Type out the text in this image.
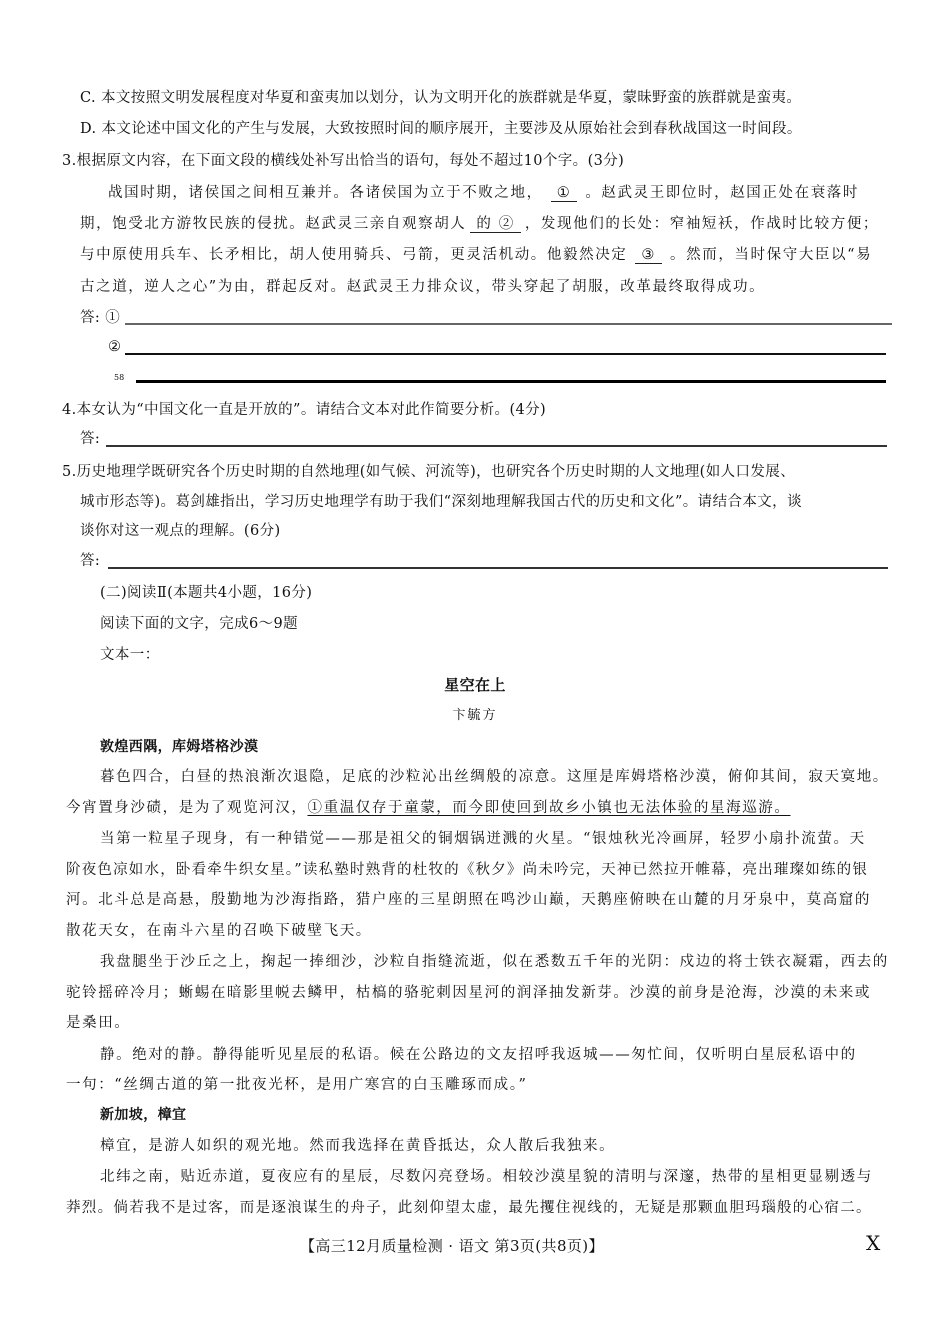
C. 本文按照文明发展程度对华夏和蛮夷加以划分，认为文明开化的族群就是华夏，蒙昧野蛮的族群就是蛮夷。
D. 本文论述中国文化的产生与发展，大致按照时间的顺序展开，主要涉及从原始社会到春秋战国这一时间段。
3.根据原文内容，在下面文段的横线处补写出恰当的语句，每处不超过10个字。(3分)
战国时期，诸侯国之间相互兼并。各诸侯国为立于不败之地， ① 。赵武灵王即位时，赵国正处在衰落时
期，饱受北方游牧民族的侵扰。赵武灵三亲自观察胡人 的 ② ，发现他们的长处：窄袖短袄，作战时比较方便；
与中原使用兵车、长矛相比，胡人使用骑兵、弓箭，更灵活机动。他毅然决定 ③ 。然而，当时保守大臣以“易
古之道，逆人之心”为由，群起反对。赵武灵王力排众议，带头穿起了胡服，改革最终取得成功。
答: ①
②
58
4.本女认为“中国文化一直是开放的”。请结合文本对此作简要分析。(4分)
答:
5.历史地理学既研究各个历史时期的自然地理(如气候、河流等)，也研究各个历史时期的人文地理(如人口发展、
城市形态等)。葛剑雄指出，学习历史地理学有助于我们“深刻地理解我国古代的历史和文化”。请结合本文，谈
谈你对这一观点的理解。(6分)
答:
(二)阅读Ⅱ(本题共4小题，16分)
阅读下面的文字，完成6～9题
文本一：
星空在上
卞毓方
敦煌西隅，库姆塔格沙漠
暮色四合，白昼的热浪渐次退隐，足底的沙粒沁出丝绸般的凉意。这厘是库姆塔格沙漠，俯仰其间，寂天寞地。
今宵置身沙碛，是为了观览河汉，①重温仅存于童蒙，而今即使回到故乡小镇也无法体验的星海巡游。
当第一粒星子现身，有一种错觉——那是祖父的铜烟锅迸溅的火星。“银烛秋光冷画屏，轻罗小扇扑流萤。天
阶夜色凉如水，卧看牵牛织女星。”读私塾时熟背的杜牧的《秋夕》尚未吟完，天神已然拉开帷幕，亮出璀璨如练的银
河。北斗总是高悬，殷勤地为沙海指路，猎户座的三星朗照在鸣沙山巅，天鹅座俯映在山麓的月牙泉中，莫高窟的
散花天女，在南斗六星的召唤下破壁飞天。
我盘腿坐于沙丘之上，掬起一捧细沙，沙粒自指缝流逝，似在悉数五千年的光阴：戍边的将士铁衣凝霜，西去的
驼铃摇碎冷月；蜥蜴在暗影里帨去鳞甲，枯槁的骆驼刺因星河的润泽抽发新芽。沙漠的前身是沧海，沙漠的未来或
是桑田。
静。绝对的静。静得能听见星辰的私语。候在公路边的文友招呼我返城——匆忙间，仅听明白星辰私语中的
一句：“丝绸古道的第一批夜光杯，是用广寒宫的白玉雕琢而成。”
新加坡，樟宜
樟宜，是游人如织的观光地。然而我选择在黄昏抵达，众人散后我独来。
北纬之南，贴近赤道，夏夜应有的星辰，尽数闪亮登场。相较沙漠星貌的清明与深邃，热带的星相更显剔透与
莽烈。倘若我不是过客，而是逐浪谋生的舟子，此刻仰望太虚，最先攫住视线的，无疑是那颗血胆玛瑙般的心宿二。
【高三12月质量检测 · 语文 第3页(共8页)】	X
